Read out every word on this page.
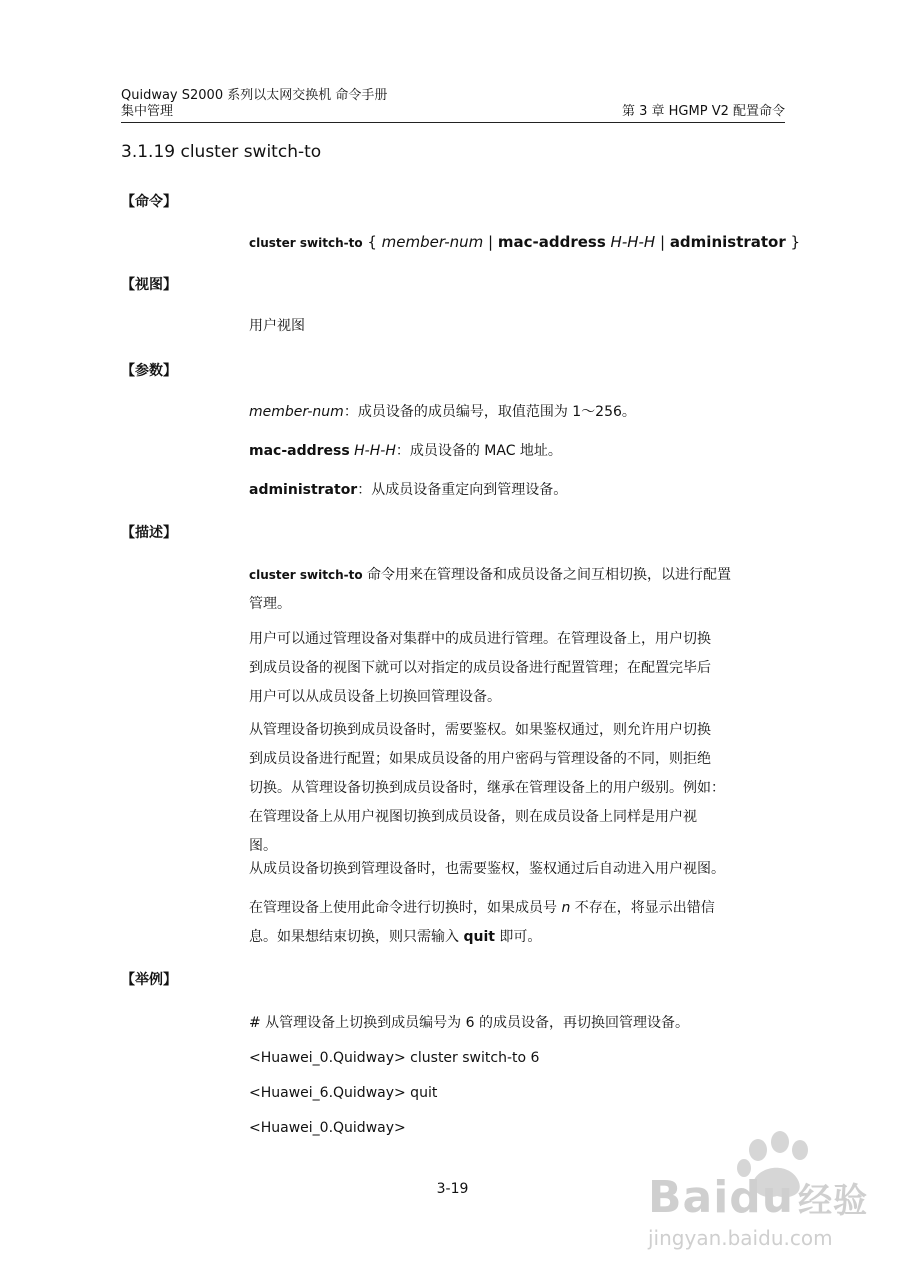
Quidway S2000 系列以太网交换机 命令手册
集中管理	第 3 章 HGMP V2 配置命令
3.1.19 cluster switch-to
【命令】
cluster switch-to { member-num | mac-address H-H-H | administrator }
【视图】
用户视图
【参数】
member-num：成员设备的成员编号，取值范围为 1～256。
mac-address H-H-H：成员设备的 MAC 地址。
administrator：从成员设备重定向到管理设备。
【描述】
cluster switch-to 命令用来在管理设备和成员设备之间互相切换，以进行配置
管理。
用户可以通过管理设备对集群中的成员进行管理。在管理设备上，用户切换
到成员设备的视图下就可以对指定的成员设备进行配置管理；在配置完毕后
用户可以从成员设备上切换回管理设备。
从管理设备切换到成员设备时，需要鉴权。如果鉴权通过，则允许用户切换
到成员设备进行配置；如果成员设备的用户密码与管理设备的不同，则拒绝
切换。从管理设备切换到成员设备时，继承在管理设备上的用户级别。例如：
在管理设备上从用户视图切换到成员设备，则在成员设备上同样是用户视
图。
从成员设备切换到管理设备时，也需要鉴权，鉴权通过后自动进入用户视图。
在管理设备上使用此命令进行切换时，如果成员号 n 不存在，将显示出错信
息。如果想结束切换，则只需输入 quit 即可。
【举例】
# 从管理设备上切换到成员编号为 6 的成员设备，再切换回管理设备。
<Huawei_0.Quidway> cluster switch-to 6
<Huawei_6.Quidway> quit
<Huawei_0.Quidway>
3-19	Baidu 经验
jingyan.baidu.com
